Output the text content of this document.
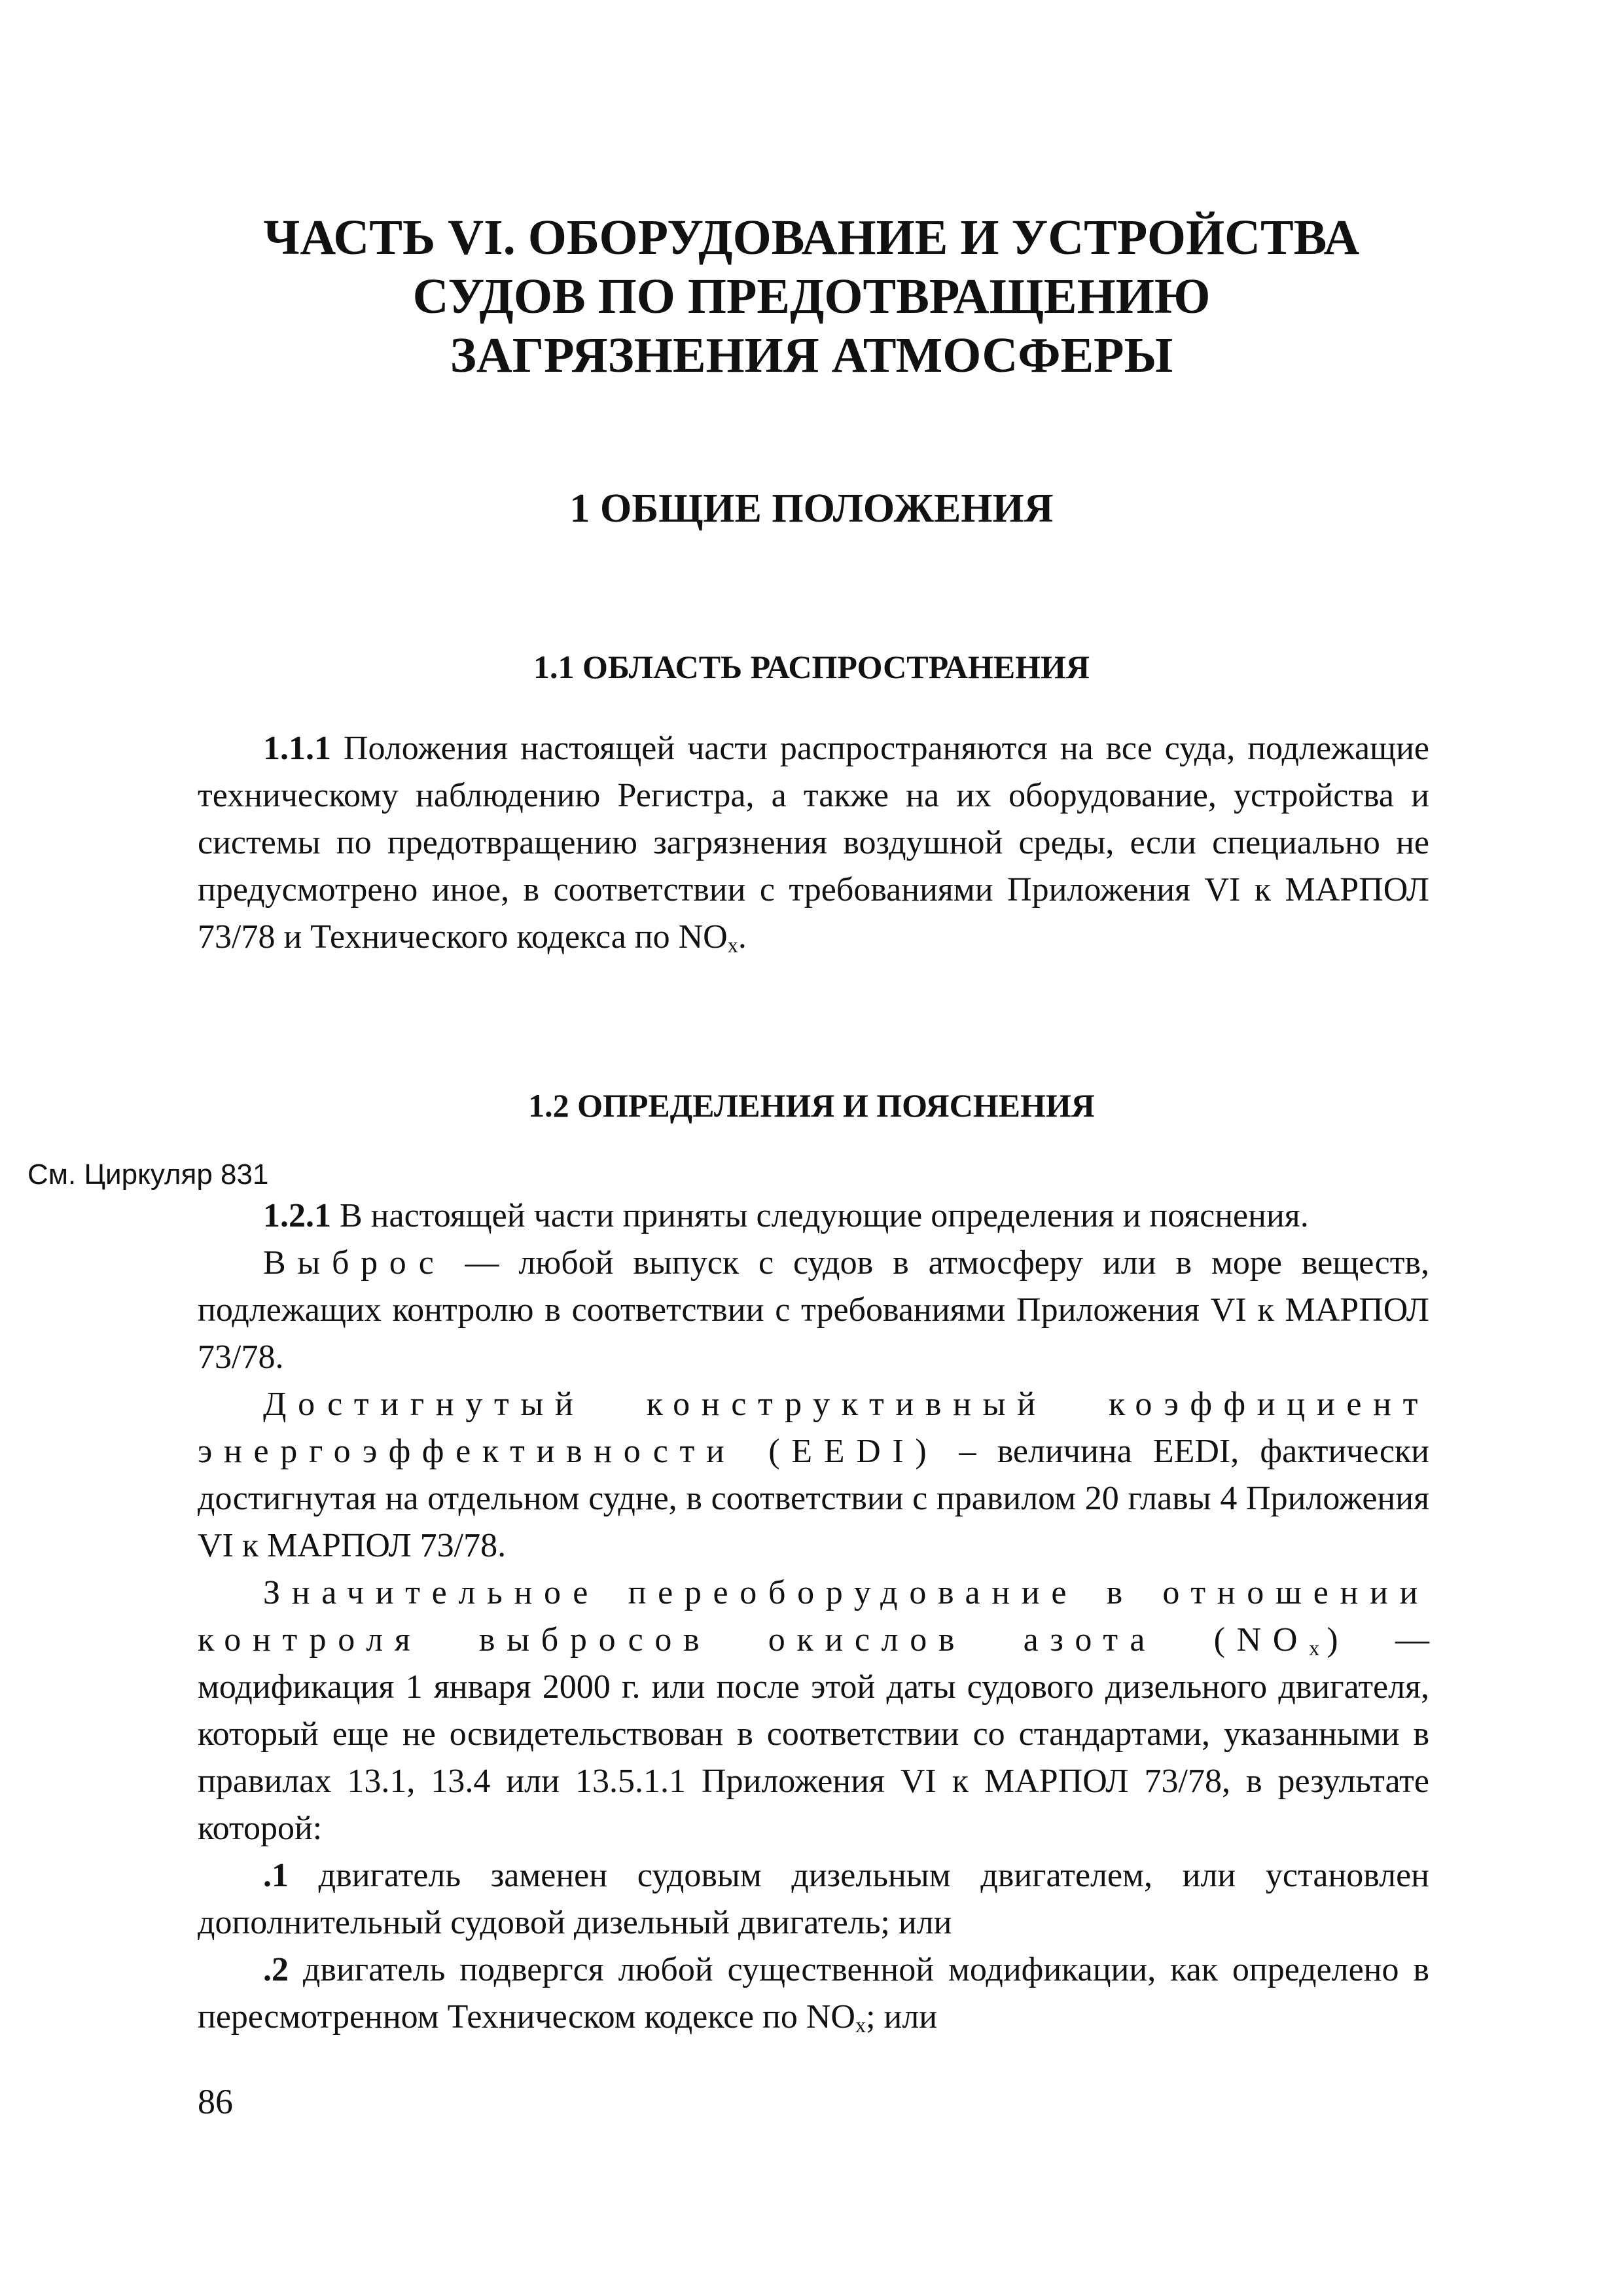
ЧАСТЬ VI. ОБОРУДОВАНИЕ И УСТРОЙСТВА

СУДОВ ПО ПРЕДОТВРАЩЕНИЮ

ЗАГРЯЗНЕНИЯ АТМОСФЕРЫ

1 ОБЩИЕ ПОЛОЖЕНИЯ

1.1 ОБЛАСТЬ РАСПРОСТРАНЕНИЯ

1.1.1 Положения настоящей части распространяются на все суда, подлежащие техническому наблюдению Регистра, а также на их оборудование, устройства и системы по предотвращению загрязнения воздушной среды, если специально не предусмотрено иное, в соответствии с требованиями Приложения VI к МАРПОЛ 73/78 и Технического кодекса по $NO_x$.

1.2 ОПРЕДЕЛЕНИЯ И ПОЯСНЕНИЯ

См. Циркуляр 831

1.2.1 В настоящей части приняты следующие определения и пояснения.

Выброс — любой выпуск с судов в атмосферу или в море веществ, подлежащих контролю в соответствии с требованиями Приложения VI к МАРПОЛ 73/78.

Достигнутый конструктивный коэффициент энергоэффективности (EEDI) – величина EEDI, фактически достигнутая на отдельном судне, в соответствии с правилом 20 главы 4 Приложения VI к МАРПОЛ 73/78.

Значительное переоборудование в отношении контроля выбросов окислов азота $(NO_x)$ — модификация 1 января 2000 г. или после этой даты судового дизельного двигателя, который еще не освидетельствован в соответствии со стандартами, указанными в правилах 13.1, 13.4 или 13.5.1.1 Приложения VI к МАРПОЛ 73/78, в результате которой:

.1 двигатель заменен судовым дизельным двигателем, или установлен дополнительный судовой дизельный двигатель; или

.2 двигатель подвергся любой существенной модификации, как определено в пересмотренном Техническом кодексе по $NO_x$; или

86
